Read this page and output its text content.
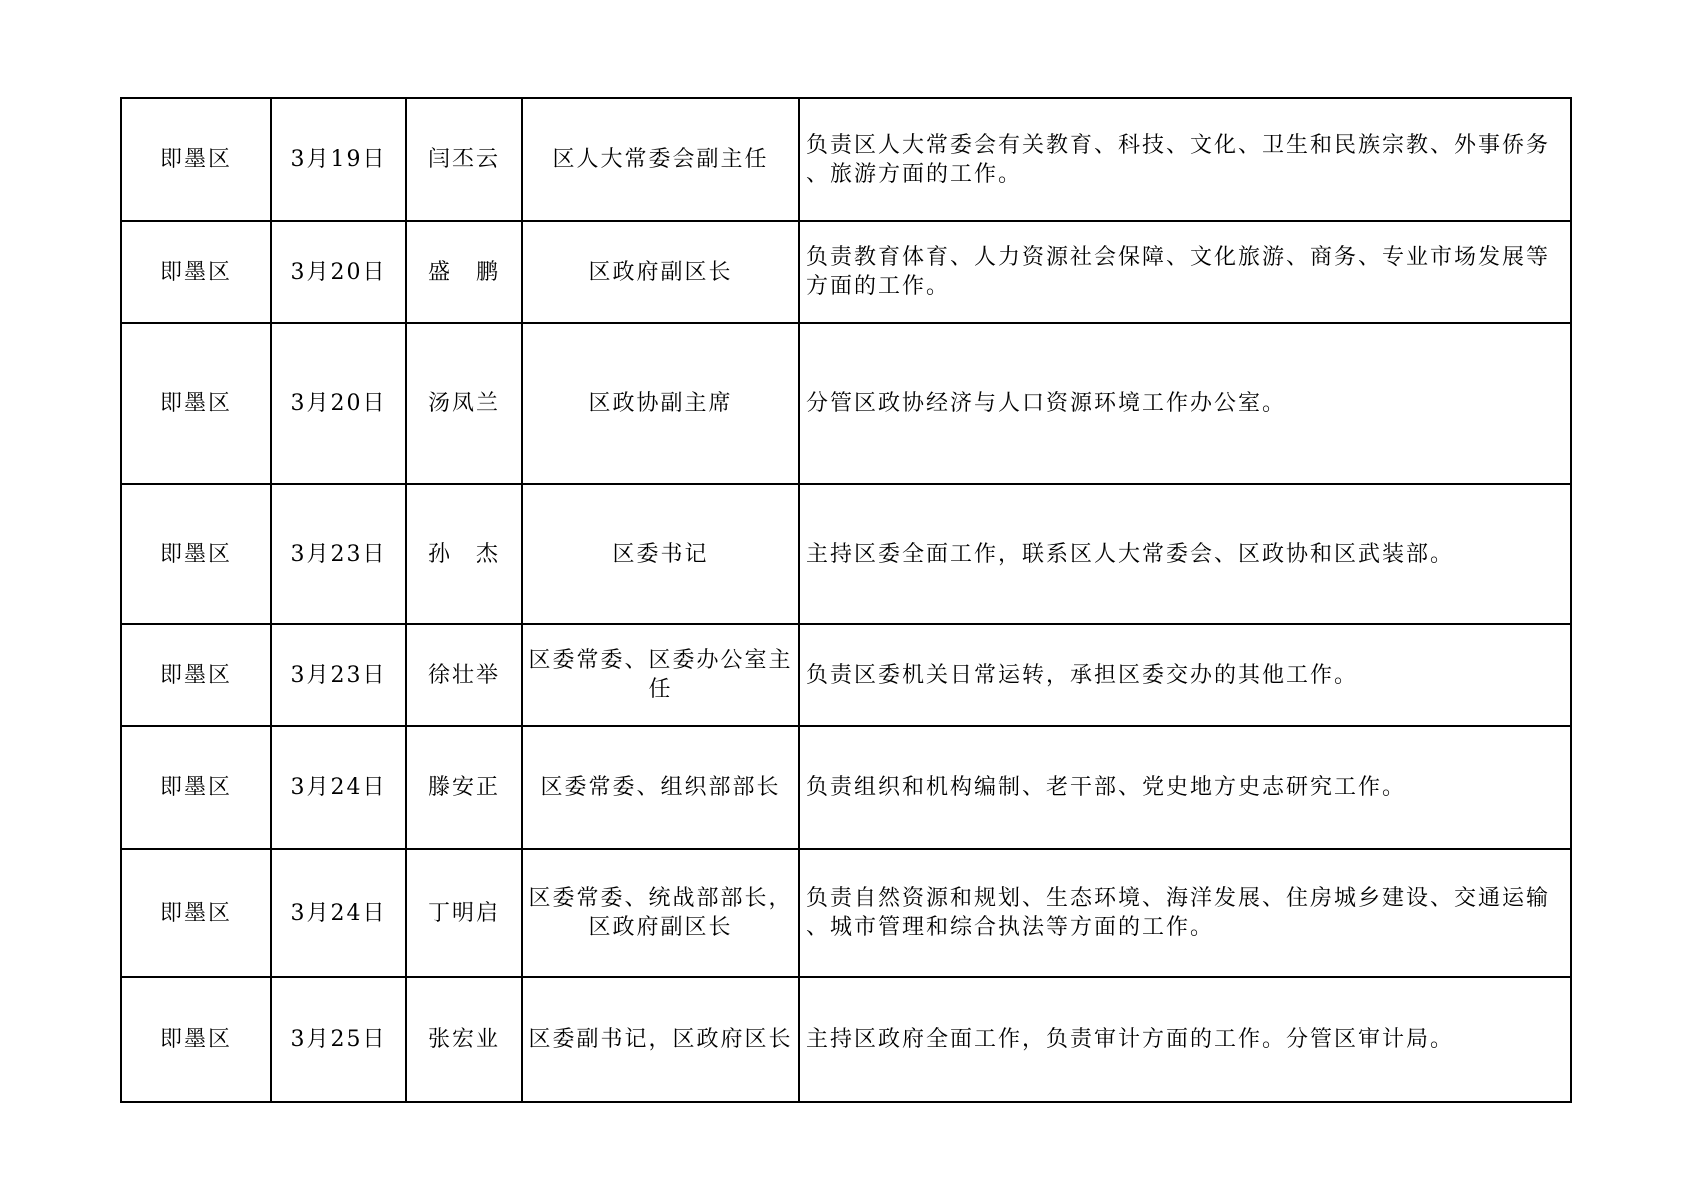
即墨区	3月19日	闫丕云	区人大常委会副主任	负责区人大常委会有关教育、科技、文化、卫生和民族宗教、外事侨务、旅游方面的工作。
即墨区	3月20日	盛　鹏	区政府副区长	负责教育体育、人力资源社会保障、文化旅游、商务、专业市场发展等方面的工作。
即墨区	3月20日	汤凤兰	区政协副主席	分管区政协经济与人口资源环境工作办公室。
即墨区	3月23日	孙　杰	区委书记	主持区委全面工作，联系区人大常委会、区政协和区武装部。
即墨区	3月23日	徐壮举	区委常委、区委办公室主任	负责区委机关日常运转，承担区委交办的其他工作。
即墨区	3月24日	滕安正	区委常委、组织部部长	负责组织和机构编制、老干部、党史地方史志研究工作。
即墨区	3月24日	丁明启	区委常委、统战部部长，区政府副区长	负责自然资源和规划、生态环境、海洋发展、住房城乡建设、交通运输、城市管理和综合执法等方面的工作。
即墨区	3月25日	张宏业	区委副书记，区政府区长	主持区政府全面工作，负责审计方面的工作。分管区审计局。
